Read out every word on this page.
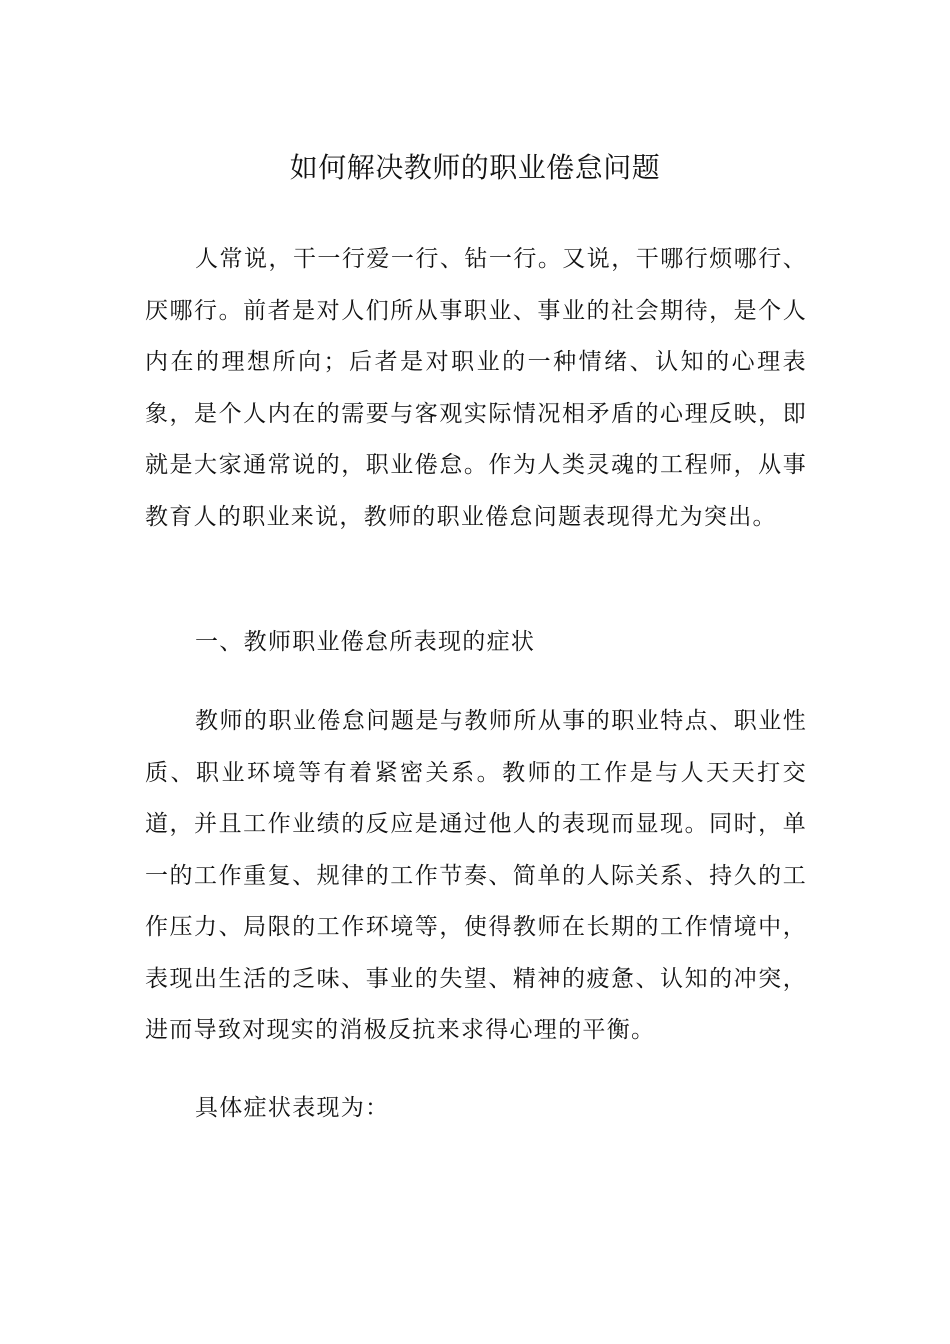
如何解决教师的职业倦怠问题

人常说，干一行爱一行、钻一行。又说，干哪行烦哪行、厌哪行。前者是对人们所从事职业、事业的社会期待，是个人内在的理想所向；后者是对职业的一种情绪、认知的心理表象，是个人内在的需要与客观实际情况相矛盾的心理反映，即就是大家通常说的，职业倦怠。作为人类灵魂的工程师，从事教育人的职业来说，教师的职业倦怠问题表现得尤为突出。

一、教师职业倦怠所表现的症状

教师的职业倦怠问题是与教师所从事的职业特点、职业性质、职业环境等有着紧密关系。教师的工作是与人天天打交道，并且工作业绩的反应是通过他人的表现而显现。同时，单一的工作重复、规律的工作节奏、简单的人际关系、持久的工作压力、局限的工作环境等，使得教师在长期的工作情境中，表现出生活的乏味、事业的失望、精神的疲惫、认知的冲突，进而导致对现实的消极反抗来求得心理的平衡。

具体症状表现为：
